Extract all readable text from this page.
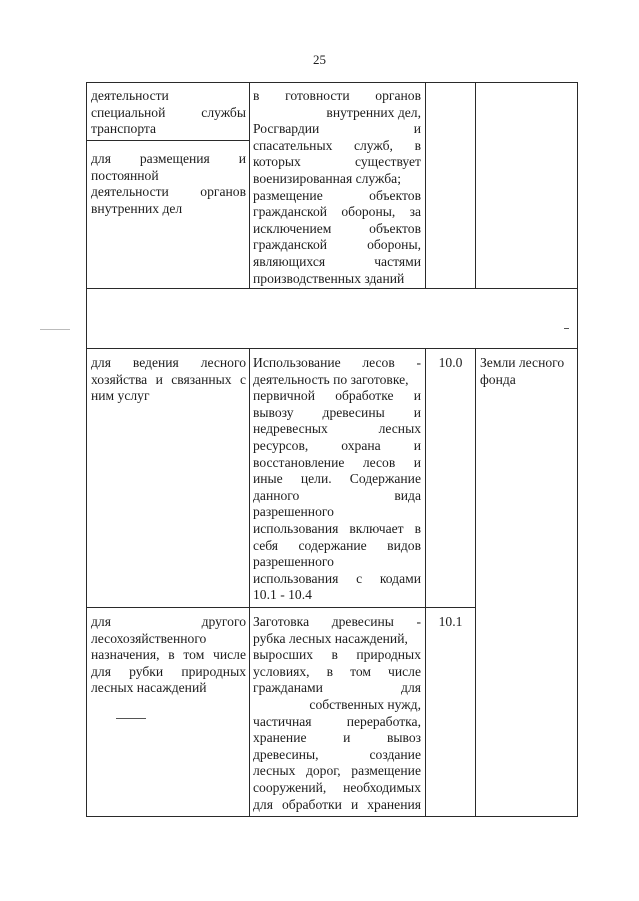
25

деятельности

специальной службы

транспорта

для размещения и

постоянной

деятельности органов

внутренних дел

в готовности органов

внутренних дел,

Росгвардии и

спасательных служб, в

которых существует

военизированная служба;

размещение объектов

гражданской обороны, за

исключением объектов

гражданской обороны,

являющихся частями

производственных зданий

для ведения лесного

хозяйства и связанных с

ним услуг

Использование лесов -

деятельность по заготовке,

первичной обработке и

вывозу древесины и

недревесных лесных

ресурсов, охрана и

восстановление лесов и

иные цели. Содержание

данного вида

разрешенного

использования включает в

себя содержание видов

разрешенного

использования с кодами

10.1 - 10.4

10.0	Земли лесного

фонда

для другого

лесохозяйственного

назначения, в том числе

для рубки природных

лесных насаждений

Заготовка древесины -

рубка лесных насаждений,

выросших в природных

условиях, в том числе

гражданами для

собственных нужд,

частичная переработка,

хранение и вывоз

древесины, создание

лесных дорог, размещение

сооружений, необходимых

для обработки и хранения

10.1
